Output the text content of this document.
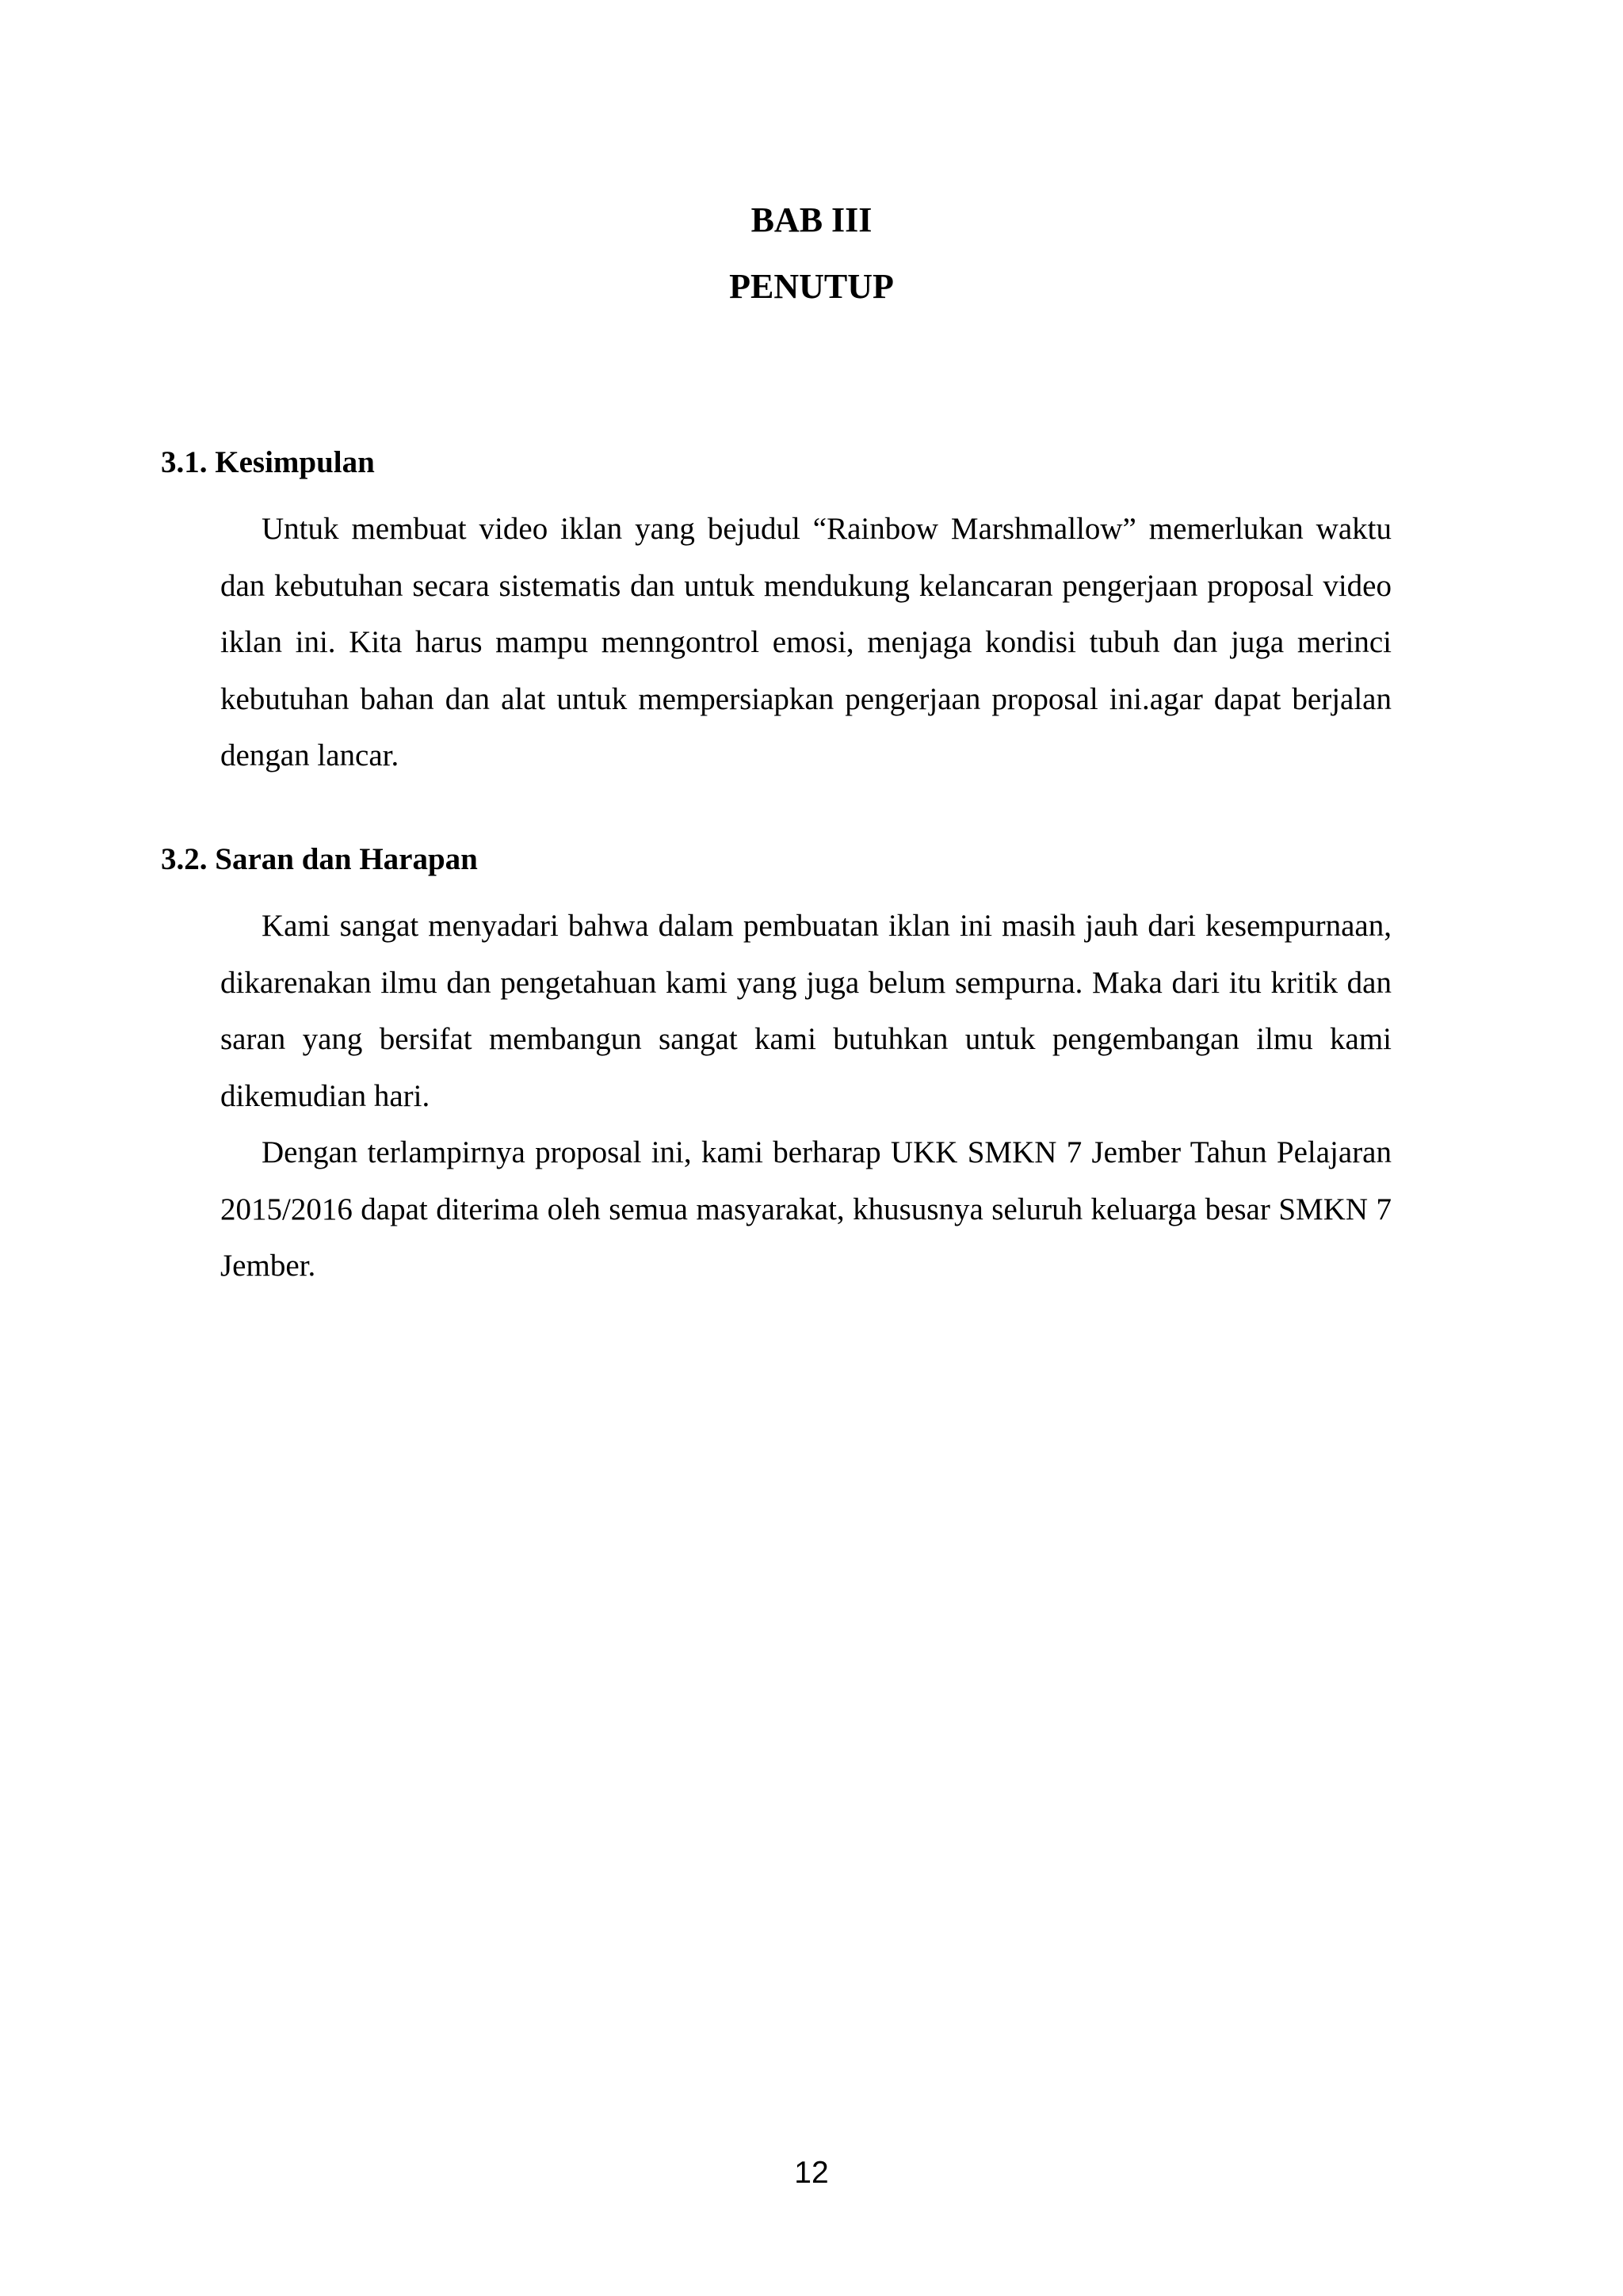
BAB III
PENUTUP
3.1. Kesimpulan

Untuk membuat video iklan yang bejudul “Rainbow Marshmallow” memerlukan waktu dan kebutuhan secara sistematis dan untuk mendukung kelancaran pengerjaan proposal video iklan ini. Kita harus mampu menngontrol emosi, menjaga kondisi tubuh dan juga merinci kebutuhan bahan dan alat untuk mempersiapkan pengerjaan proposal ini.agar dapat berjalan dengan lancar.

3.2. Saran dan Harapan

Kami sangat menyadari bahwa dalam pembuatan iklan ini masih jauh dari kesempurnaan, dikarenakan ilmu dan pengetahuan kami yang juga belum sempurna. Maka dari itu kritik dan saran yang bersifat membangun sangat kami butuhkan untuk pengembangan ilmu kami dikemudian hari.

Dengan terlampirnya proposal ini, kami berharap UKK SMKN 7 Jember Tahun Pelajaran 2015/2016 dapat diterima oleh semua masyarakat, khususnya seluruh keluarga besar SMKN 7 Jember.

12
